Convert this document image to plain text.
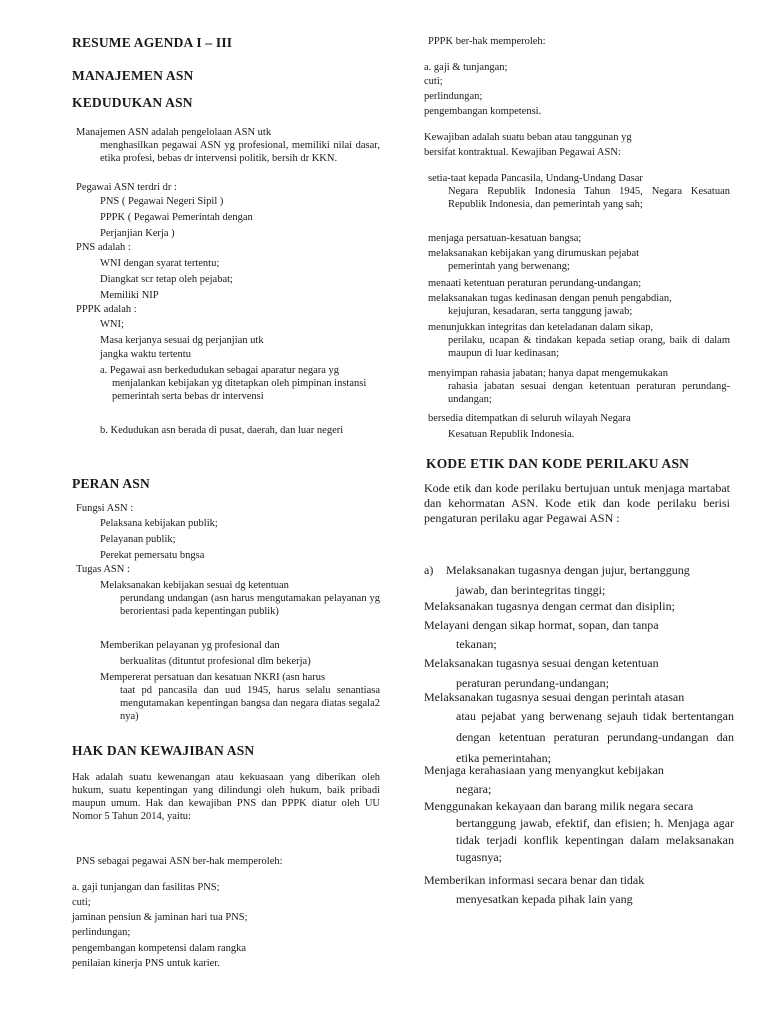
RESUME AGENDA I – III
MANAJEMEN ASN
KEDUDUKAN ASN
Manajemen ASN adalah pengelolaan ASN utk
menghasilkan pegawai ASN yg profesional, memiliki nilai dasar, etika profesi, bebas dr intervensi politik, bersih dr KKN.
Pegawai ASN terdri dr :
PNS ( Pegawai Negeri Sipil )
PPPK ( Pegawai Pemerintah dengan
Perjanjian Kerja )
PNS adalah :
WNI dengan syarat tertentu;
Diangkat scr tetap oleh pejabat;
Memiliki NIP
PPPK adalah :
WNI;
Masa kerjanya sesuai dg perjanjian utk
jangka waktu tertentu
a. Pegawai asn berkedudukan sebagai aparatur negara yg menjalankan kebijakan yg ditetapkan oleh pimpinan instansi pemerintah serta bebas dr intervensi
b. Kedudukan asn berada di pusat, daerah, dan luar negeri
PERAN ASN
Fungsi ASN :
Pelaksana kebijakan publik;
Pelayanan publik;
Perekat pemersatu bngsa
Tugas ASN :
Melaksanakan kebijakan sesuai dg ketentuan
perundang undangan (asn harus mengutamakan pelayanan yg berorientasi pada kepentingan publik)
Memberikan pelayanan yg profesional dan
berkualitas (dituntut profesional dlm bekerja)
Mempererat persatuan dan kesatuan NKRI (asn harus
taat pd pancasila dan uud 1945, harus selalu senantiasa mengutamakan kepentingan bangsa dan negara diatas segala2 nya)
HAK DAN KEWAJIBAN ASN
Hak adalah suatu kewenangan atau kekuasaan yang diberikan oleh hukum, suatu kepentingan yang dilindungi oleh hukum, baik pribadi maupun umum. Hak dan kewajiban PNS dan PPPK diatur oleh UU Nomor 5 Tahun 2014, yaitu:
PNS sebagai pegawai ASN ber-hak memperoleh:
a. gaji tunjangan dan fasilitas PNS;
cuti;
jaminan pensiun & jaminan hari tua PNS;
perlindungan;
pengembangan kompetensi dalam rangka
penilaian kinerja PNS untuk karier.
PPPK ber-hak memperoleh:
a. gaji & tunjangan;
cuti;
perlindungan;
pengembangan kompetensi.
Kewajiban adalah suatu beban atau tanggunan yg
bersifat kontraktual. Kewajiban Pegawai ASN:
setia-taat kepada Pancasila, Undang-Undang Dasar
Negara Republik Indonesia Tahun 1945, Negara Kesatuan Republik Indonesia, dan pemerintah yang sah;
menjaga persatuan-kesatuan bangsa;
melaksanakan kebijakan yang dirumuskan pejabat
pemerintah yang berwenang;
menaati ketentuan peraturan perundang-undangan;
melaksanakan tugas kedinasan dengan penuh pengabdian,
kejujuran, kesadaran, serta tanggung jawab;
menunjukkan integritas dan keteladanan dalam sikap,
perilaku, ucapan & tindakan kepada setiap orang, baik di dalam maupun di luar kedinasan;
menyimpan rahasia jabatan; hanya dapat mengemukakan
rahasia jabatan sesuai dengan ketentuan peraturan perundang-undangan;
bersedia ditempatkan di seluruh wilayah Negara
Kesatuan Republik Indonesia.
KODE ETIK DAN KODE PERILAKU ASN
Kode etik dan kode perilaku bertujuan untuk menjaga martabat dan kehormatan ASN. Kode etik dan kode perilaku berisi pengaturan perilaku agar Pegawai ASN :
a)	Melaksanakan tugasnya dengan jujur, bertanggung
jawab, dan berintegritas tinggi;
Melaksanakan tugasnya dengan cermat dan disiplin;
Melayani dengan sikap hormat, sopan, dan tanpa
tekanan;
Melaksanakan tugasnya sesuai dengan ketentuan
peraturan perundang-undangan;
Melaksanakan tugasnya sesuai dengan perintah atasan
atau pejabat yang berwenang sejauh tidak bertentangan dengan ketentuan peraturan perundang-undangan dan etika pemerintahan;
Menjaga kerahasiaan yang menyangkut kebijakan
negara;
Menggunakan kekayaan dan barang milik negara secara
bertanggung jawab, efektif, dan efisien; h. Menjaga agar tidak terjadi konflik kepentingan dalam melaksanakan tugasnya;
Memberikan informasi secara benar dan tidak
menyesatkan kepada pihak lain yang
